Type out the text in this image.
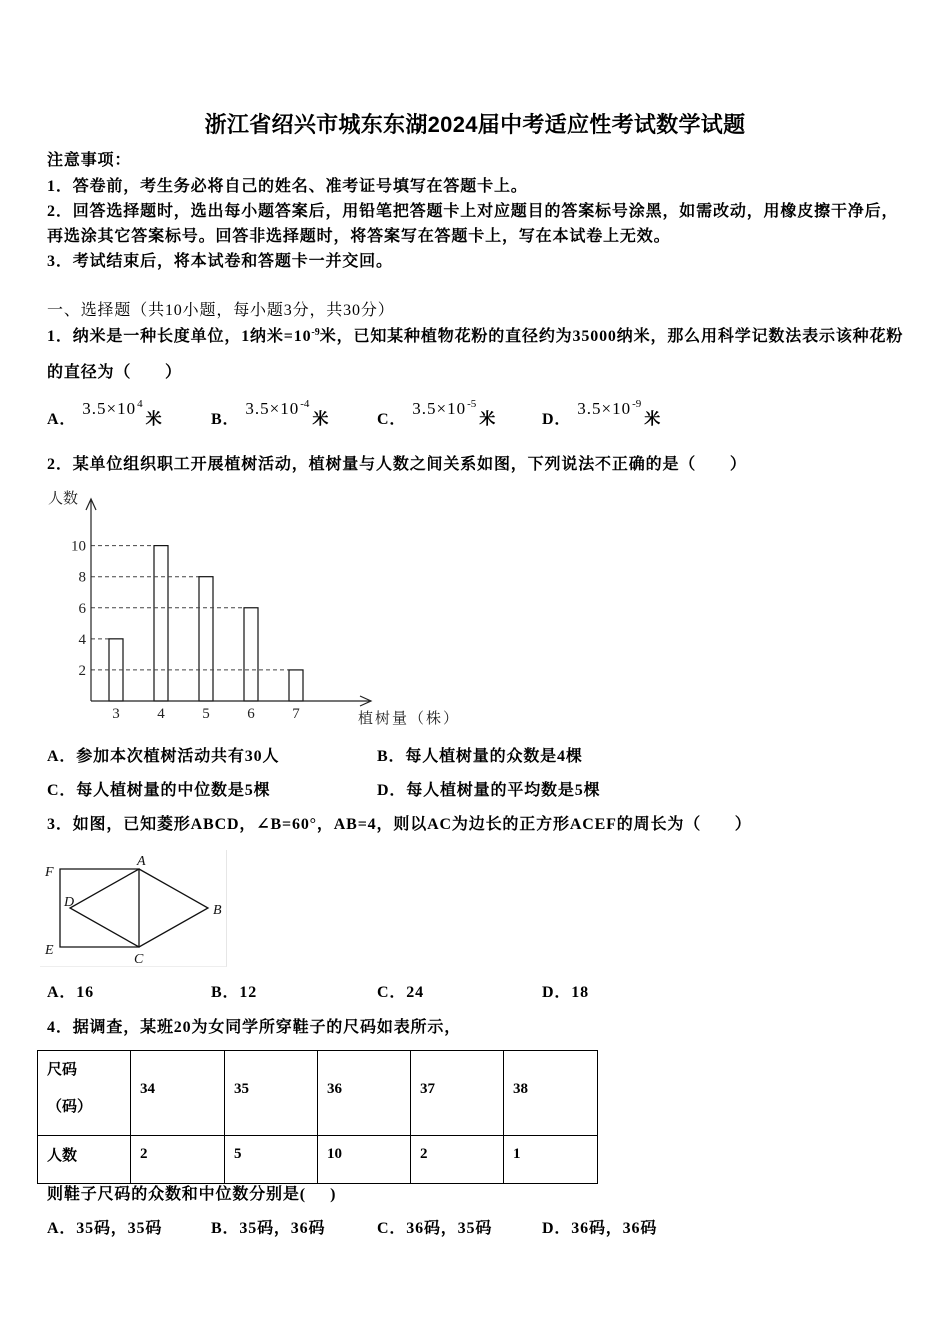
浙江省绍兴市城东东湖2024届中考适应性考试数学试题
注意事项：
1．答卷前，考生务必将自己的姓名、准考证号填写在答题卡上。
2．回答选择题时，选出每小题答案后，用铅笔把答题卡上对应题目的答案标号涂黑，如需改动，用橡皮擦干净后，
再选涂其它答案标号。回答非选择题时，将答案写在答题卡上，写在本试卷上无效。
3．考试结束后，将本试卷和答题卡一并交回。
一、选择题（共10小题，每小题3分，共30分）
1．纳米是一种长度单位，1纳米$=10^{-9}$米，已知某种植物花粉的直径约为35000纳米，那么用科学记数法表示该种花粉
的直径为（　　）
A．$3.5\times 10^4$米	B．$3.5\times 10^{-4}$米	C．$3.5\times 10^{-5}$米	D．$3.5\times 10^{-9}$米
2．某单位组织职工开展植树活动，植树量与人数之间关系如图，下列说法不正确的是（　　）
10
8
6
4
2
3	4	5	6	7
人数
植树量（株）
A．参加本次植树活动共有30人	B．每人植树量的众数是4棵
C．每人植树量的中位数是5棵	D．每人植树量的平均数是5棵
3．如图，已知菱形ABCD，∠B=60°，AB=4，则以AC为边长的正方形ACEF的周长为（　　）
F
A
D
B
E
C
A．16	B．12	C．24	D．18
4．据调查，某班20为女同学所穿鞋子的尺码如表所示，
尺码
（码）	34	35	36	37	38
人数	2	5	10	2	1
则鞋子尺码的众数和中位数分别是(     )
A．35码，35码	B．35码，36码	C．36码，35码	D．36码，36码
